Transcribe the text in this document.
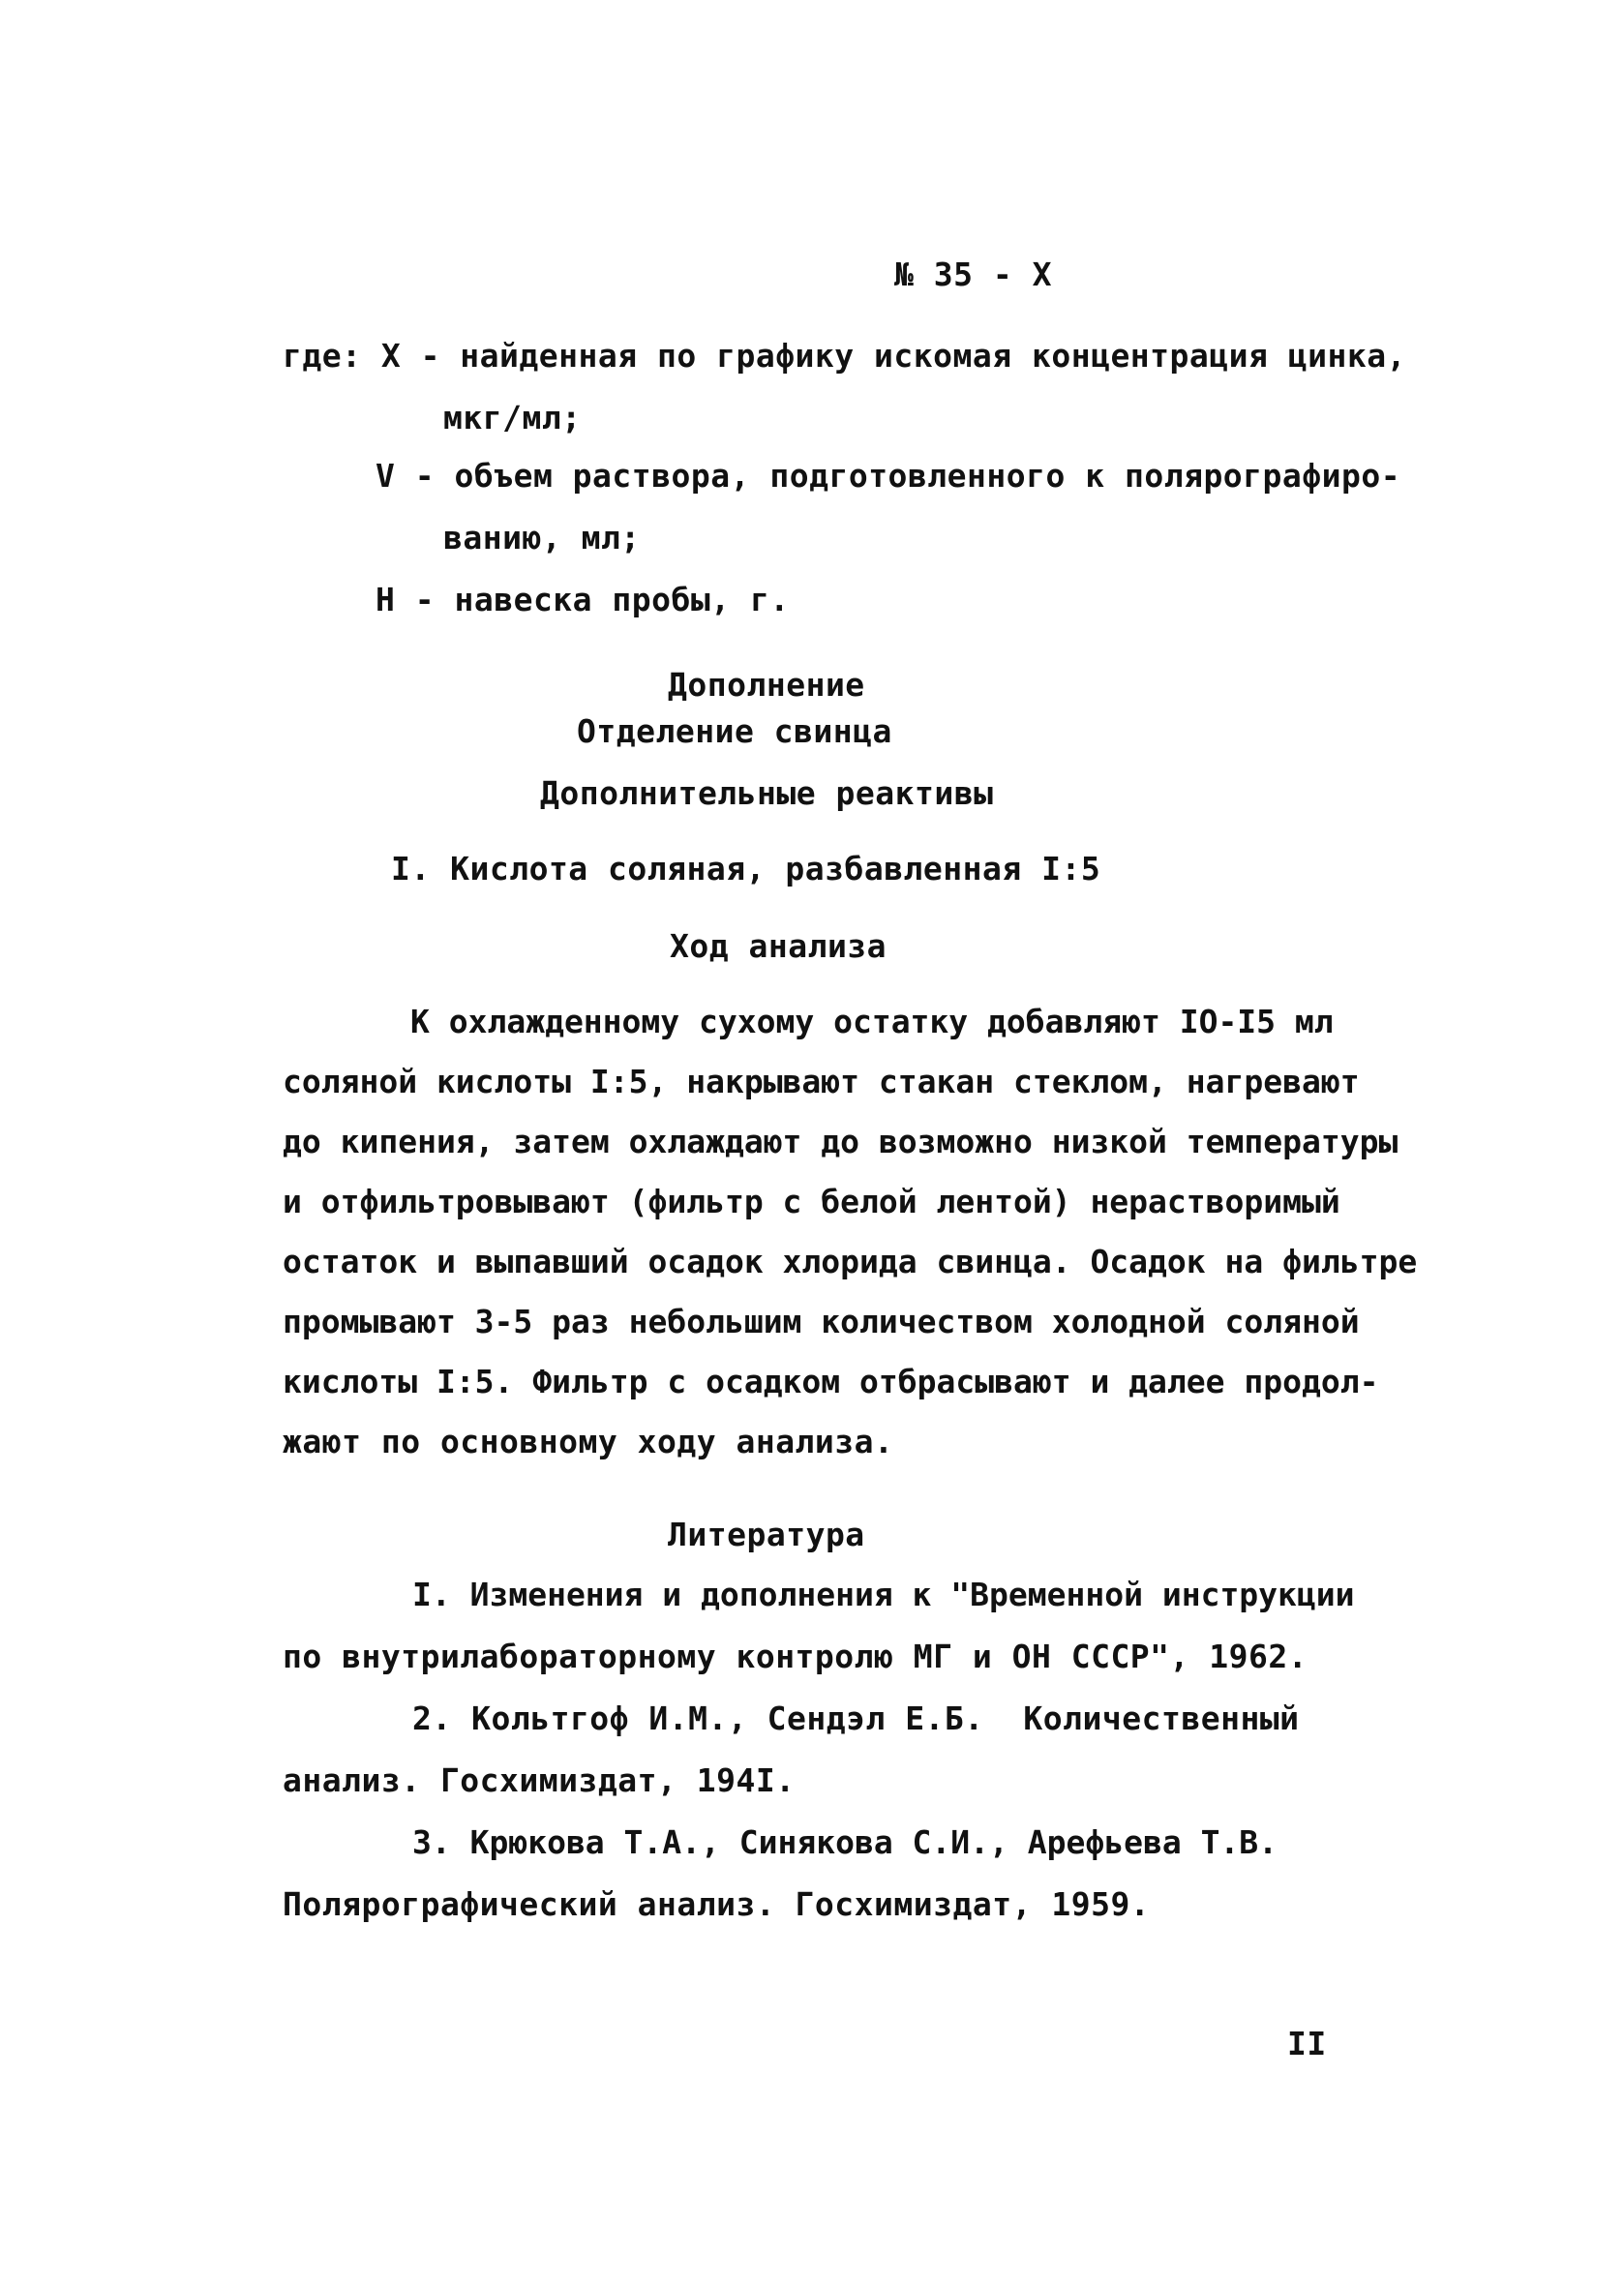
№ 35 - X
где: X - найденная по графику искомая концентрация цинка,
мкг/мл;
V - объем раствора, подготовленного к полярографиро-
ванию, мл;
Н - навеска пробы, г.
Дополнение
Отделение свинца
Дополнительные реактивы
I. Кислота соляная, разбавленная I:5
Ход анализа
К охлажденному сухому остатку добавляют IO-I5 мл
соляной кислоты I:5, накрывают стакан стеклом, нагревают
до кипения, затем охлаждают до возможно низкой температуры
и отфильтровывают (фильтр с белой лентой) нерастворимый
остаток и выпавший осадок хлорида свинца. Осадок на фильтре
промывают 3-5 раз небольшим количеством холодной соляной
кислоты I:5. Фильтр с осадком отбрасывают и далее продол-
жают по основному ходу анализа.
Литература
I. Изменения и дополнения к "Временной инструкции
по внутрилабораторному контролю МГ и ОН СССР", 1962.
2. Кольтгоф И.М., Сендэл Е.Б.  Количественный
анализ. Госхимиздат, 194I.
3. Крюкова Т.А., Синякова С.И., Арефьева Т.В.
Полярографический анализ. Госхимиздат, 1959.
II
